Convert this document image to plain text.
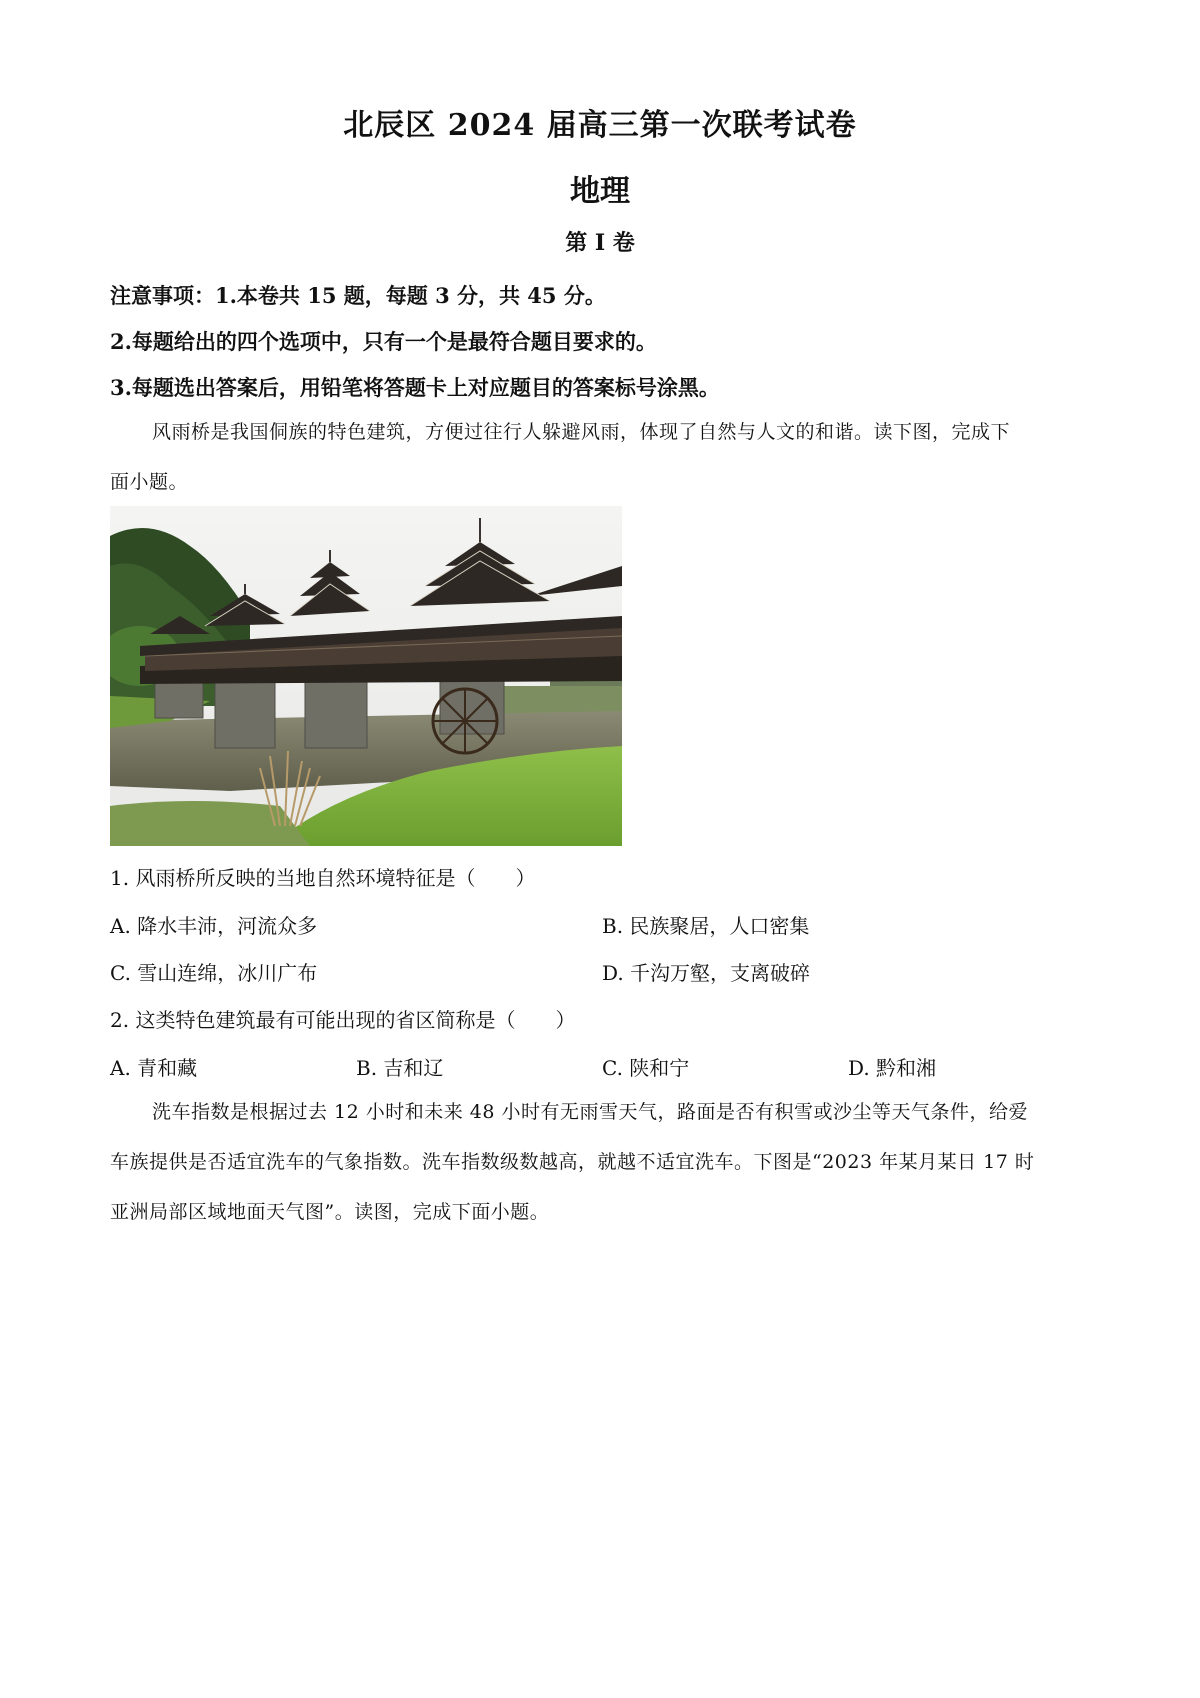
北辰区 2024 届高三第一次联考试卷
地理
第 I 卷
注意事项：1.本卷共 15 题，每题 3 分，共 45 分。
2.每题给出的四个选项中，只有一个是最符合题目要求的。
3.每题选出答案后，用铅笔将答题卡上对应题目的答案标号涂黑。
风雨桥是我国侗族的特色建筑，方便过往行人躲避风雨，体现了自然与人文的和谐。读下图，完成下
面小题。
1. 风雨桥所反映的当地自然环境特征是（　　）
A. 降水丰沛，河流众多	B. 民族聚居，人口密集
C. 雪山连绵，冰川广布	D. 千沟万壑，支离破碎
2. 这类特色建筑最有可能出现的省区简称是（　　）
A. 青和藏	B. 吉和辽	C. 陕和宁	D. 黔和湘
洗车指数是根据过去 12 小时和未来 48 小时有无雨雪天气，路面是否有积雪或沙尘等天气条件，给爱
车族提供是否适宜洗车的气象指数。洗车指数级数越高，就越不适宜洗车。下图是“2023 年某月某日 17 时
亚洲局部区域地面天气图”。读图，完成下面小题。
